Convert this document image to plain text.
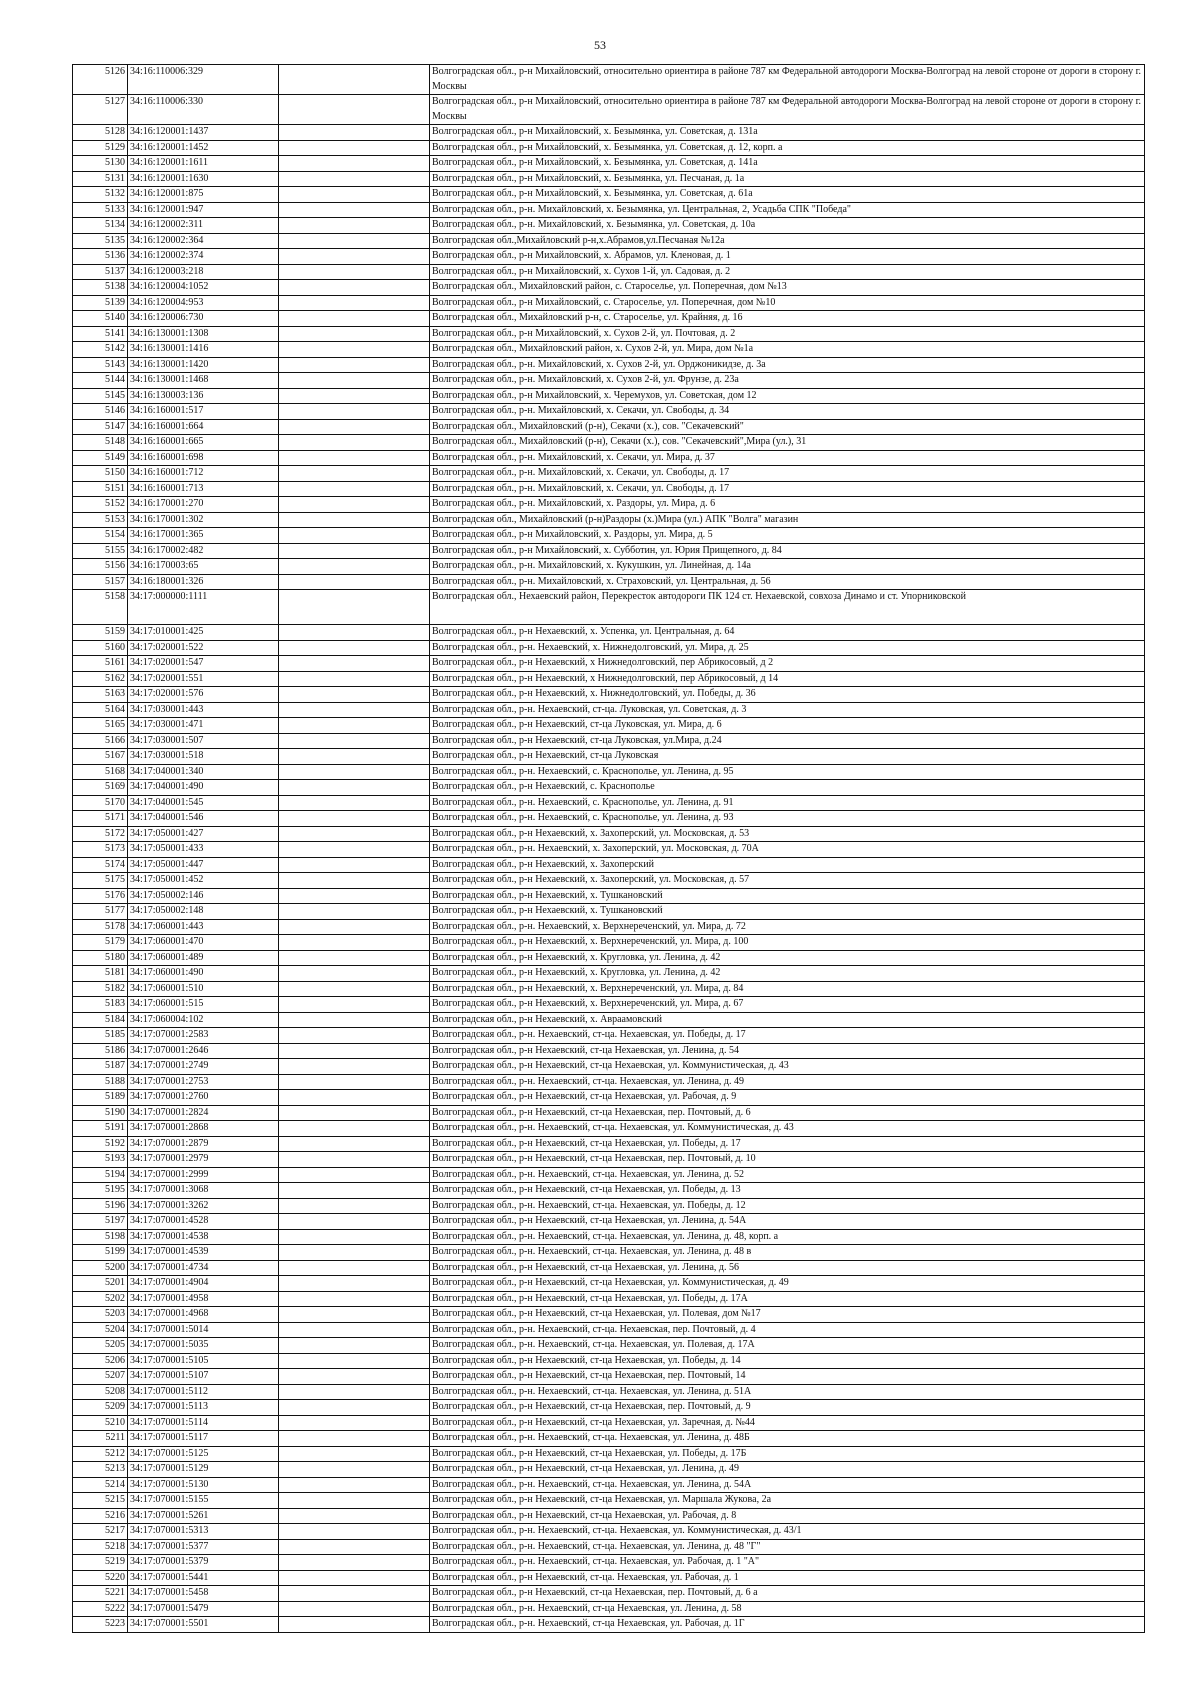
53
5126	34:16:110006:329		Волгоградская обл., р-н Михайловский, относительно ориентира в районе 787 км Федеральной автодороги Москва-Волгоград на левой стороне от дороги в сторону г. Москвы
5127	34:16:110006:330		Волгоградская обл., р-н Михайловский, относительно ориентира в районе 787 км Федеральной автодороги Москва-Волгоград на левой стороне от дороги в сторону г. Москвы
5128	34:16:120001:1437		Волгоградская обл., р-н Михайловский, х. Безымянка, ул. Советская, д. 131а
5129	34:16:120001:1452		Волгоградская обл., р-н Михайловский, х. Безымянка, ул. Советская, д. 12, корп. а
5130	34:16:120001:1611		Волгоградская обл., р-н Михайловский, х. Безымянка, ул. Советская, д. 141а
5131	34:16:120001:1630		Волгоградская обл., р-н Михайловский, х. Безымянка, ул. Песчаная, д. 1а
5132	34:16:120001:875		Волгоградская обл., р-н Михайловский, х. Безымянка, ул. Советская, д. 61а
5133	34:16:120001:947		Волгоградская обл., р-н. Михайловский, х. Безымянка, ул. Центральная, 2, Усадьба СПК "Победа"
5134	34:16:120002:311		Волгоградская обл., р-н. Михайловский, х. Безымянка, ул. Советская, д. 10а
5135	34:16:120002:364		Волгоградская обл.,Михайловский р-н,х.Абрамов,ул.Песчаная №12а
5136	34:16:120002:374		Волгоградская обл., р-н Михайловский, х. Абрамов, ул. Кленовая, д. 1
5137	34:16:120003:218		Волгоградская обл., р-н Михайловский, х. Сухов 1-й, ул. Садовая, д. 2
5138	34:16:120004:1052		Волгоградская обл., Михайловский район, с. Староселье, ул. Поперечная, дом №13
5139	34:16:120004:953		Волгоградская обл., р-н Михайловский, с. Староселье, ул. Поперечная, дом №10
5140	34:16:120006:730		Волгоградская обл., Михайловский р-н, с. Староселье, ул. Крайняя, д. 16
5141	34:16:130001:1308		Волгоградская обл., р-н Михайловский, х. Сухов 2-й, ул. Почтовая, д. 2
5142	34:16:130001:1416		Волгоградская обл., Михайловский район, х. Сухов 2-й, ул. Мира, дом №1а
5143	34:16:130001:1420		Волгоградская обл., р-н. Михайловский, х. Сухов 2-й, ул. Орджоникидзе, д. 3а
5144	34:16:130001:1468		Волгоградская обл., р-н. Михайловский, х. Сухов 2-й, ул. Фрунзе, д. 23а
5145	34:16:130003:136		Волгоградская обл., р-н Михайловский, х. Черемухов, ул. Советская, дом 12
5146	34:16:160001:517		Волгоградская обл., р-н. Михайловский, х. Секачи, ул. Свободы, д. 34
5147	34:16:160001:664		Волгоградская обл., Михайловский (р-н), Секачи (х.), сов. "Секачевский"
5148	34:16:160001:665		Волгоградская обл., Михайловский (р-н), Секачи (х.), сов. "Секачевский",Мира (ул.), 31
5149	34:16:160001:698		Волгоградская обл., р-н. Михайловский, х. Секачи, ул. Мира, д. 37
5150	34:16:160001:712		Волгоградская обл., р-н. Михайловский, х. Секачи, ул. Свободы, д. 17
5151	34:16:160001:713		Волгоградская обл., р-н. Михайловский, х. Секачи, ул. Свободы, д. 17
5152	34:16:170001:270		Волгоградская обл., р-н. Михайловский, х. Раздоры, ул. Мира, д. 6
5153	34:16:170001:302		Волгоградская обл., Михайловский (р-н)Раздоры (х.)Мира (ул.) АПК "Волга" магазин
5154	34:16:170001:365		Волгоградская обл., р-н Михайловский, х. Раздоры, ул. Мира, д. 5
5155	34:16:170002:482		Волгоградская обл., р-н Михайловский, х. Субботин, ул. Юрия Прищепного, д. 84
5156	34:16:170003:65		Волгоградская обл., р-н. Михайловский, х. Кукушкин, ул. Линейная, д. 14а
5157	34:16:180001:326		Волгоградская обл., р-н. Михайловский, х. Страховский, ул. Центральная, д. 56
5158	34:17:000000:1111		Волгоградская обл., Нехаевский район, Перекресток автодороги ПК 124 ст. Нехаевской, совхоза Динамо и ст. Упорниковской
5159	34:17:010001:425		Волгоградская обл., р-н Нехаевский, х. Успенка, ул. Центральная, д. 64
5160	34:17:020001:522		Волгоградская обл., р-н. Нехаевский, х. Нижнедолговский, ул. Мира, д. 25
5161	34:17:020001:547		Волгоградская обл., р-н Нехаевский, х Нижнедолговский, пер Абрикосовый, д 2
5162	34:17:020001:551		Волгоградская обл., р-н Нехаевский, х Нижнедолговский, пер Абрикосовый, д 14
5163	34:17:020001:576		Волгоградская обл., р-н Нехаевский, х. Нижнедолговский, ул. Победы, д. 36
5164	34:17:030001:443		Волгоградская обл., р-н. Нехаевский, ст-ца. Луковская, ул. Советская, д. 3
5165	34:17:030001:471		Волгоградская обл., р-н Нехаевский, ст-ца Луковская, ул. Мира, д. 6
5166	34:17:030001:507		Волгоградская обл., р-н Нехаевский, ст-ца Луковская, ул.Мира, д.24
5167	34:17:030001:518		Волгоградская обл., р-н Нехаевский, ст-ца Луковская
5168	34:17:040001:340		Волгоградская обл., р-н. Нехаевский, с. Краснополье, ул. Ленина, д. 95
5169	34:17:040001:490		Волгоградская обл., р-н Нехаевский, с. Краснополье
5170	34:17:040001:545		Волгоградская обл., р-н. Нехаевский, с. Краснополье, ул. Ленина, д. 91
5171	34:17:040001:546		Волгоградская обл., р-н. Нехаевский, с. Краснополье, ул. Ленина, д. 93
5172	34:17:050001:427		Волгоградская обл., р-н Нехаевский, х. Захоперский, ул. Московская, д. 53
5173	34:17:050001:433		Волгоградская обл., р-н. Нехаевский, х. Захоперский, ул. Московская, д. 70А
5174	34:17:050001:447		Волгоградская обл., р-н Нехаевский, х. Захоперский
5175	34:17:050001:452		Волгоградская обл., р-н Нехаевский, х. Захоперский, ул. Московская, д. 57
5176	34:17:050002:146		Волгоградская обл., р-н Нехаевский, х. Тушкановский
5177	34:17:050002:148		Волгоградская обл., р-н Нехаевский, х. Тушкановский
5178	34:17:060001:443		Волгоградская обл., р-н. Нехаевский, х. Верхнереченский, ул. Мира, д. 72
5179	34:17:060001:470		Волгоградская обл., р-н Нехаевский, х. Верхнереченский, ул. Мира, д. 100
5180	34:17:060001:489		Волгоградская обл., р-н Нехаевский, х. Кругловка, ул. Ленина, д. 42
5181	34:17:060001:490		Волгоградская обл., р-н Нехаевский, х. Кругловка, ул. Ленина, д. 42
5182	34:17:060001:510		Волгоградская обл., р-н Нехаевский, х. Верхнереченский, ул. Мира, д. 84
5183	34:17:060001:515		Волгоградская обл., р-н Нехаевский, х. Верхнереченский, ул. Мира, д. 67
5184	34:17:060004:102		Волгоградская обл., р-н Нехаевский, х. Авраамовский
5185	34:17:070001:2583		Волгоградская обл., р-н. Нехаевский, ст-ца. Нехаевская, ул. Победы, д. 17
5186	34:17:070001:2646		Волгоградская обл., р-н Нехаевский, ст-ца Нехаевская, ул. Ленина, д. 54
5187	34:17:070001:2749		Волгоградская обл., р-н Нехаевский, ст-ца Нехаевская, ул. Коммунистическая, д. 43
5188	34:17:070001:2753		Волгоградская обл., р-н. Нехаевский, ст-ца. Нехаевская, ул. Ленина, д. 49
5189	34:17:070001:2760		Волгоградская обл., р-н Нехаевский, ст-ца Нехаевская, ул. Рабочая, д. 9
5190	34:17:070001:2824		Волгоградская обл., р-н Нехаевский, ст-ца Нехаевская, пер. Почтовый, д. 6
5191	34:17:070001:2868		Волгоградская обл., р-н. Нехаевский, ст-ца. Нехаевская, ул. Коммунистическая, д. 43
5192	34:17:070001:2879		Волгоградская обл., р-н Нехаевский, ст-ца Нехаевская, ул. Победы, д. 17
5193	34:17:070001:2979		Волгоградская обл., р-н Нехаевский, ст-ца Нехаевская, пер. Почтовый, д. 10
5194	34:17:070001:2999		Волгоградская обл., р-н. Нехаевский, ст-ца. Нехаевская, ул. Ленина, д. 52
5195	34:17:070001:3068		Волгоградская обл., р-н Нехаевский, ст-ца Нехаевская, ул. Победы, д. 13
5196	34:17:070001:3262		Волгоградская обл., р-н. Нехаевский, ст-ца. Нехаевская, ул. Победы, д. 12
5197	34:17:070001:4528		Волгоградская обл., р-н Нехаевский, ст-ца Нехаевская, ул. Ленина, д. 54А
5198	34:17:070001:4538		Волгоградская обл., р-н. Нехаевский, ст-ца. Нехаевская, ул. Ленина, д. 48, корп. а
5199	34:17:070001:4539		Волгоградская обл., р-н. Нехаевский, ст-ца. Нехаевская, ул. Ленина, д. 48 в
5200	34:17:070001:4734		Волгоградская обл., р-н Нехаевский, ст-ца Нехаевская, ул. Ленина, д. 56
5201	34:17:070001:4904		Волгоградская обл., р-н Нехаевский, ст-ца Нехаевская, ул. Коммунистическая, д. 49
5202	34:17:070001:4958		Волгоградская обл., р-н Нехаевский, ст-ца Нехаевская, ул. Победы, д. 17А
5203	34:17:070001:4968		Волгоградская обл., р-н Нехаевский, ст-ца Нехаевская, ул. Полевая, дом №17
5204	34:17:070001:5014		Волгоградская обл., р-н. Нехаевский, ст-ца. Нехаевская, пер. Почтовый, д. 4
5205	34:17:070001:5035		Волгоградская обл., р-н. Нехаевский, ст-ца. Нехаевская, ул. Полевая, д. 17А
5206	34:17:070001:5105		Волгоградская обл., р-н Нехаевский, ст-ца Нехаевская, ул. Победы, д. 14
5207	34:17:070001:5107		Волгоградская обл., р-н Нехаевский, ст-ца Нехаевская, пер. Почтовый, 14
5208	34:17:070001:5112		Волгоградская обл., р-н. Нехаевский, ст-ца. Нехаевская, ул. Ленина, д. 51А
5209	34:17:070001:5113		Волгоградская обл., р-н Нехаевский, ст-ца Нехаевская, пер. Почтовый, д. 9
5210	34:17:070001:5114		Волгоградская обл., р-н Нехаевский, ст-ца Нехаевская, ул. Заречная, д. №44
5211	34:17:070001:5117		Волгоградская обл., р-н. Нехаевский, ст-ца. Нехаевская, ул. Ленина, д. 48Б
5212	34:17:070001:5125		Волгоградская обл., р-н Нехаевский, ст-ца Нехаевская, ул. Победы, д. 17Б
5213	34:17:070001:5129		Волгоградская обл., р-н Нехаевский, ст-ца Нехаевская, ул. Ленина, д. 49
5214	34:17:070001:5130		Волгоградская обл., р-н. Нехаевский, ст-ца. Нехаевская, ул. Ленина, д. 54А
5215	34:17:070001:5155		Волгоградская обл., р-н Нехаевский, ст-ца Нехаевская, ул. Маршала Жукова, 2а
5216	34:17:070001:5261		Волгоградская обл., р-н Нехаевский, ст-ца Нехаевская, ул. Рабочая, д. 8
5217	34:17:070001:5313		Волгоградская обл., р-н. Нехаевский, ст-ца. Нехаевская, ул. Коммунистическая, д. 43/1
5218	34:17:070001:5377		Волгоградская обл., р-н. Нехаевский, ст-ца. Нехаевская, ул. Ленина, д. 48 "Г"
5219	34:17:070001:5379		Волгоградская обл., р-н. Нехаевский, ст-ца. Нехаевская, ул. Рабочая, д. 1 "А"
5220	34:17:070001:5441		Волгоградская обл., р-н Нехаевский, ст-ца. Нехаевская, ул. Рабочая, д. 1
5221	34:17:070001:5458		Волгоградская обл., р-н Нехаевский, ст-ца Нехаевская, пер. Почтовый, д. 6 а
5222	34:17:070001:5479		Волгоградская обл., р-н. Нехаевский, ст-ца Нехаевская, ул. Ленина, д. 58
5223	34:17:070001:5501		Волгоградская обл., р-н. Нехаевский, ст-ца Нехаевская, ул. Рабочая, д. 1Г
